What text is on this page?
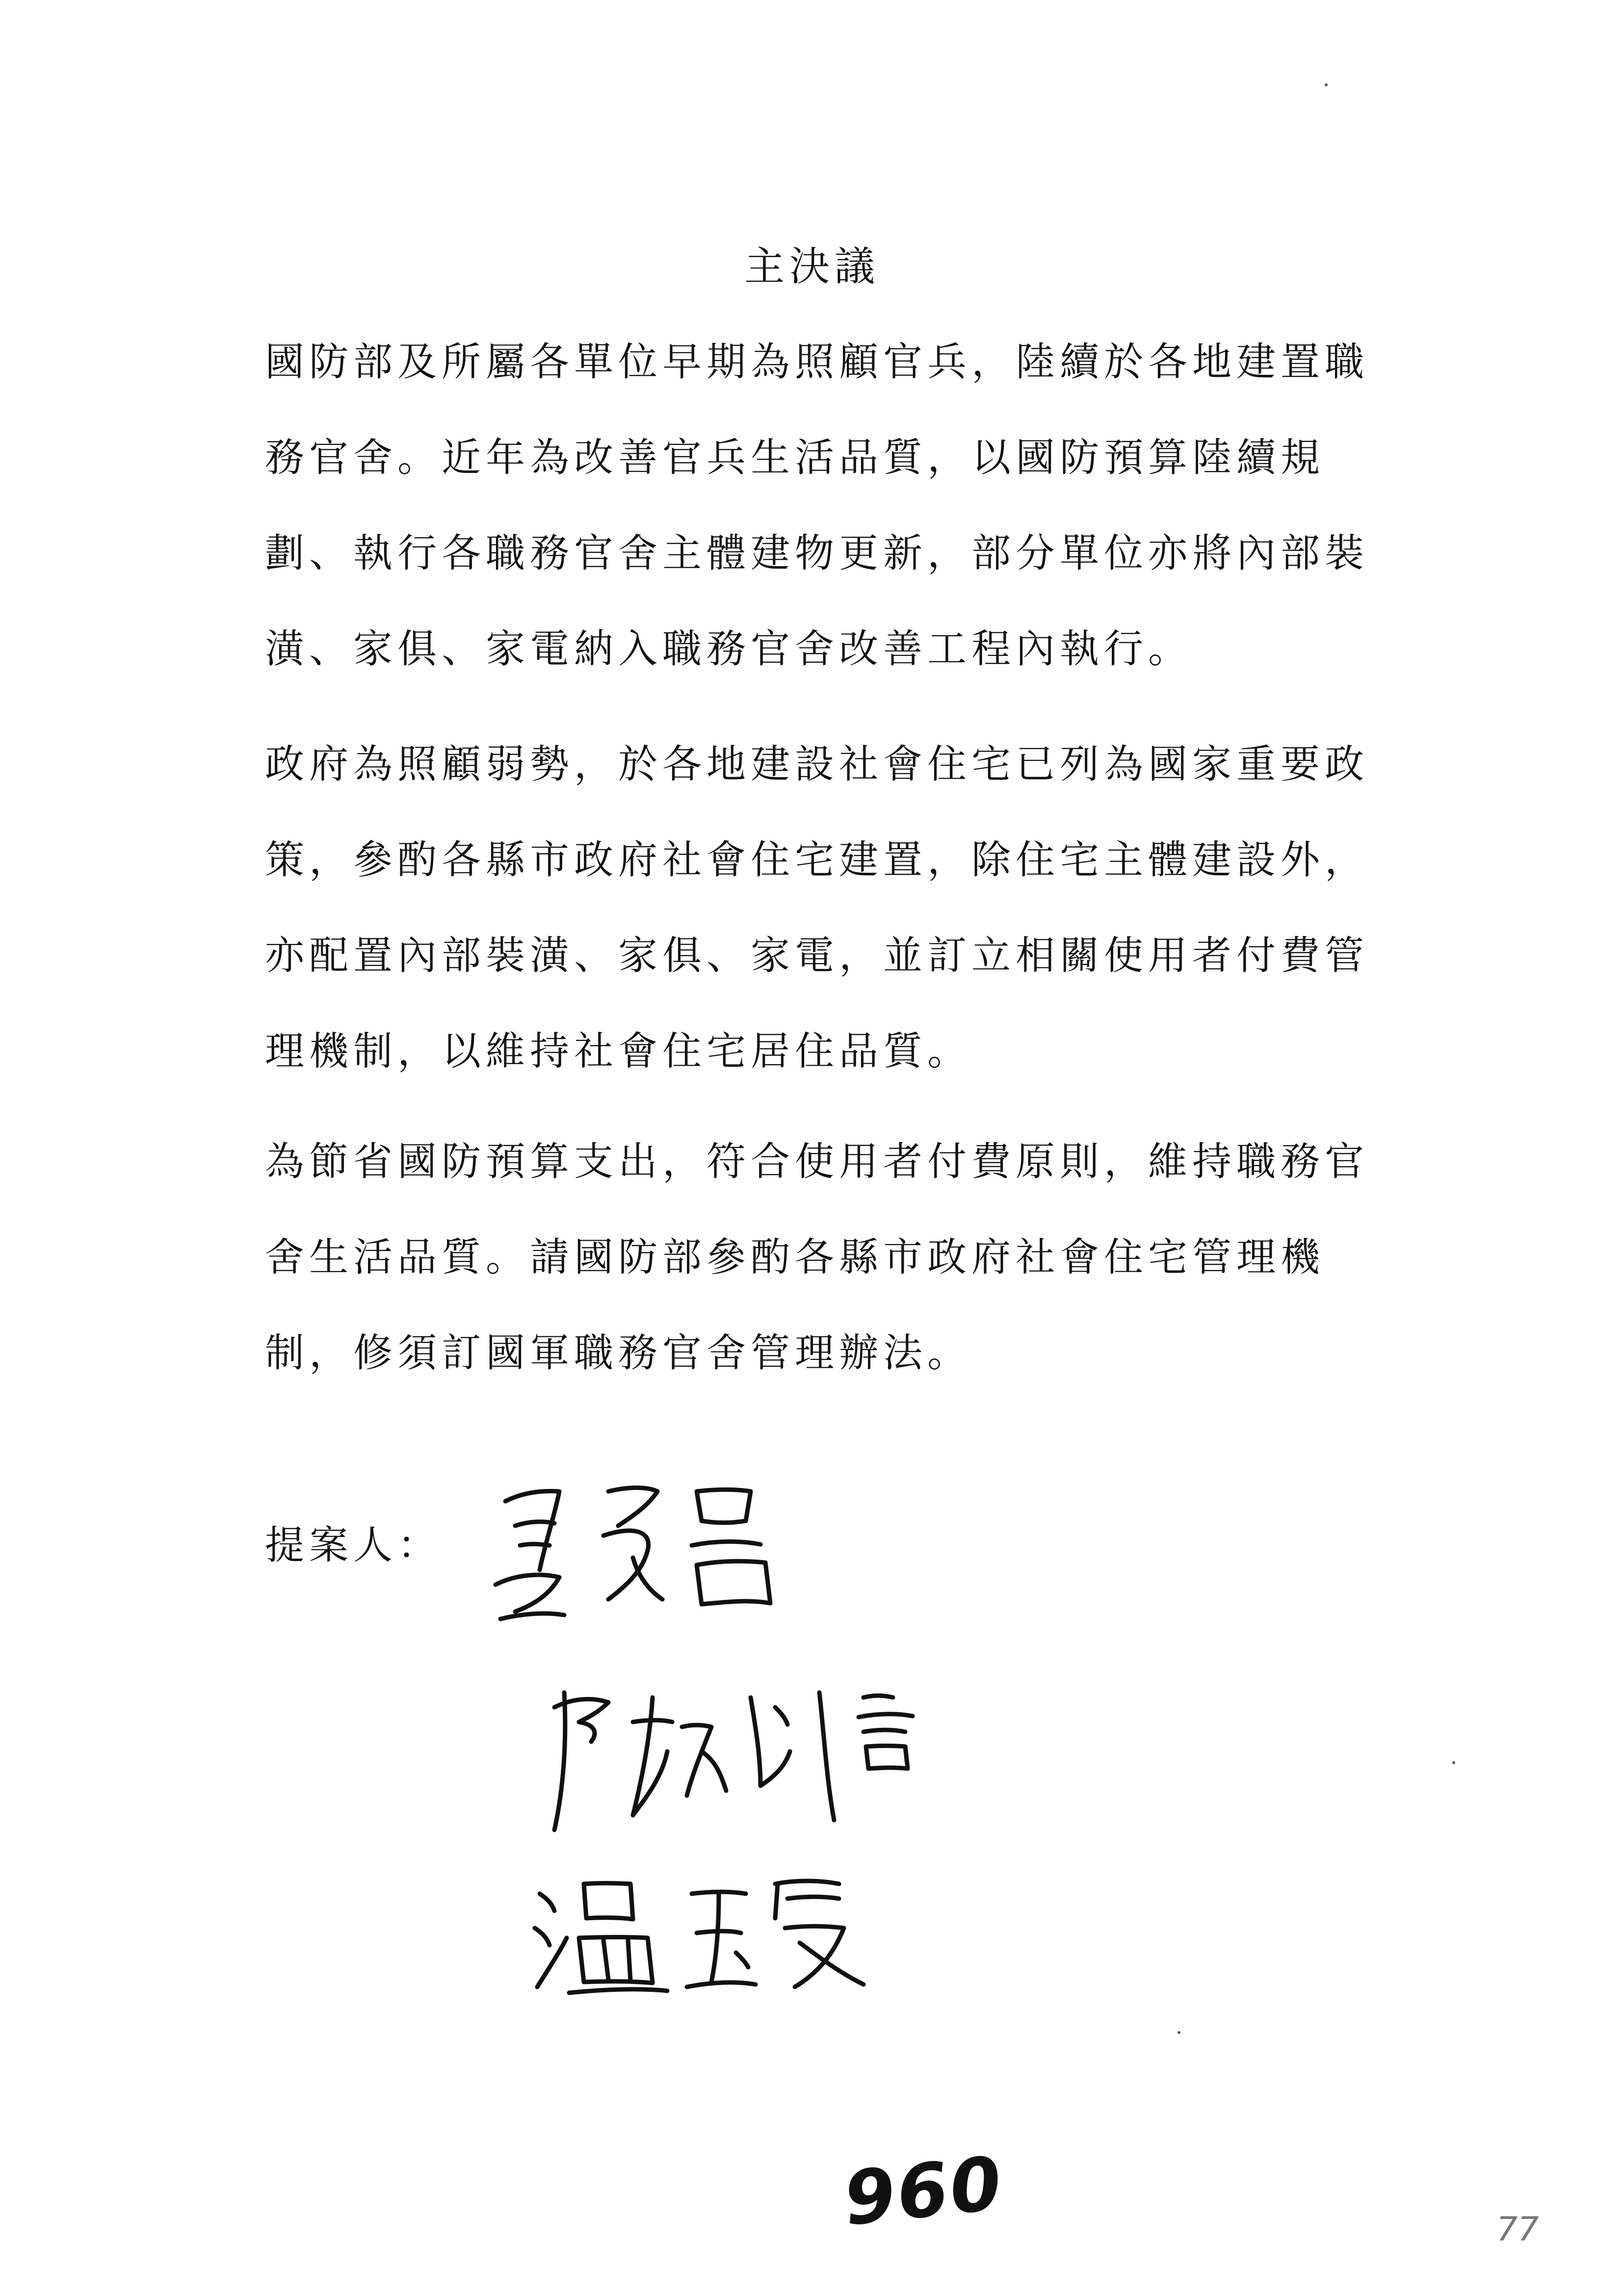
主決議

國防部及所屬各單位早期為照顧官兵，陸續於各地建置職
務官舍。近年為改善官兵生活品質，以國防預算陸續規
劃、執行各職務官舍主體建物更新，部分單位亦將內部裝
潢、家俱、家電納入職務官舍改善工程內執行。

政府為照顧弱勢，於各地建設社會住宅已列為國家重要政
策，參酌各縣市政府社會住宅建置，除住宅主體建設外，
亦配置內部裝潢、家俱、家電，並訂立相關使用者付費管
理機制，以維持社會住宅居住品質。

為節省國防預算支出，符合使用者付費原則，維持職務官
舍生活品質。請國防部參酌各縣市政府社會住宅管理機
制，修須訂國軍職務官舍管理辦法。

提案人：
960	77
